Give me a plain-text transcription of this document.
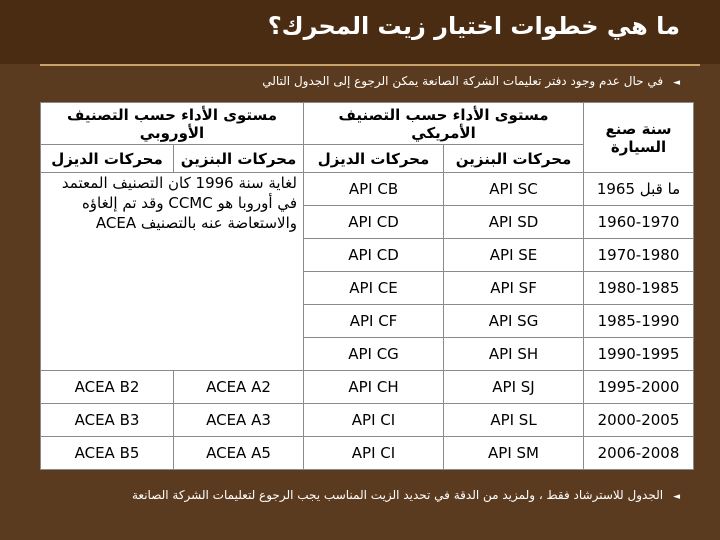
ما هي خطوات اختيار زيت المحرك؟
◄في حال عدم وجود دفتر تعليمات الشركة الصانعة يمكن الرجوع إلى الجدول التالي
سنة صنع السيارة	مستوى الأداء حسب التصنيف الأمريكي		مستوى الأداء حسب التصنيف الأوروبي	
	محركات البنزين	محركات الديزل	محركات البنزين	محركات الديزل
ما قبل 1965	API SC	API CB	لغاية سنة 1996 كان التصنيف المعتمد في أوروبا هو CCMC وقد تم إلغاؤه والاستعاضة عنه بالتصنيف ACEA	
1960-1970	API SD	API CD		
1970-1980	API SE	API CD		
1980-1985	API SF	API CE		
1985-1990	API SG	API CF		
1990-1995	API SH	API CG		
1995-2000	API SJ	API CH	ACEA A2	ACEA B2
2000-2005	API SL	API CI	ACEA A3	ACEA B3
2006-2008	API SM	API CI	ACEA A5	ACEA B5
◄الجدول للاسترشاد فقط ، ولمزيد من الدقة في تحديد الزيت المناسب يجب الرجوع لتعليمات الشركة الصانعة
